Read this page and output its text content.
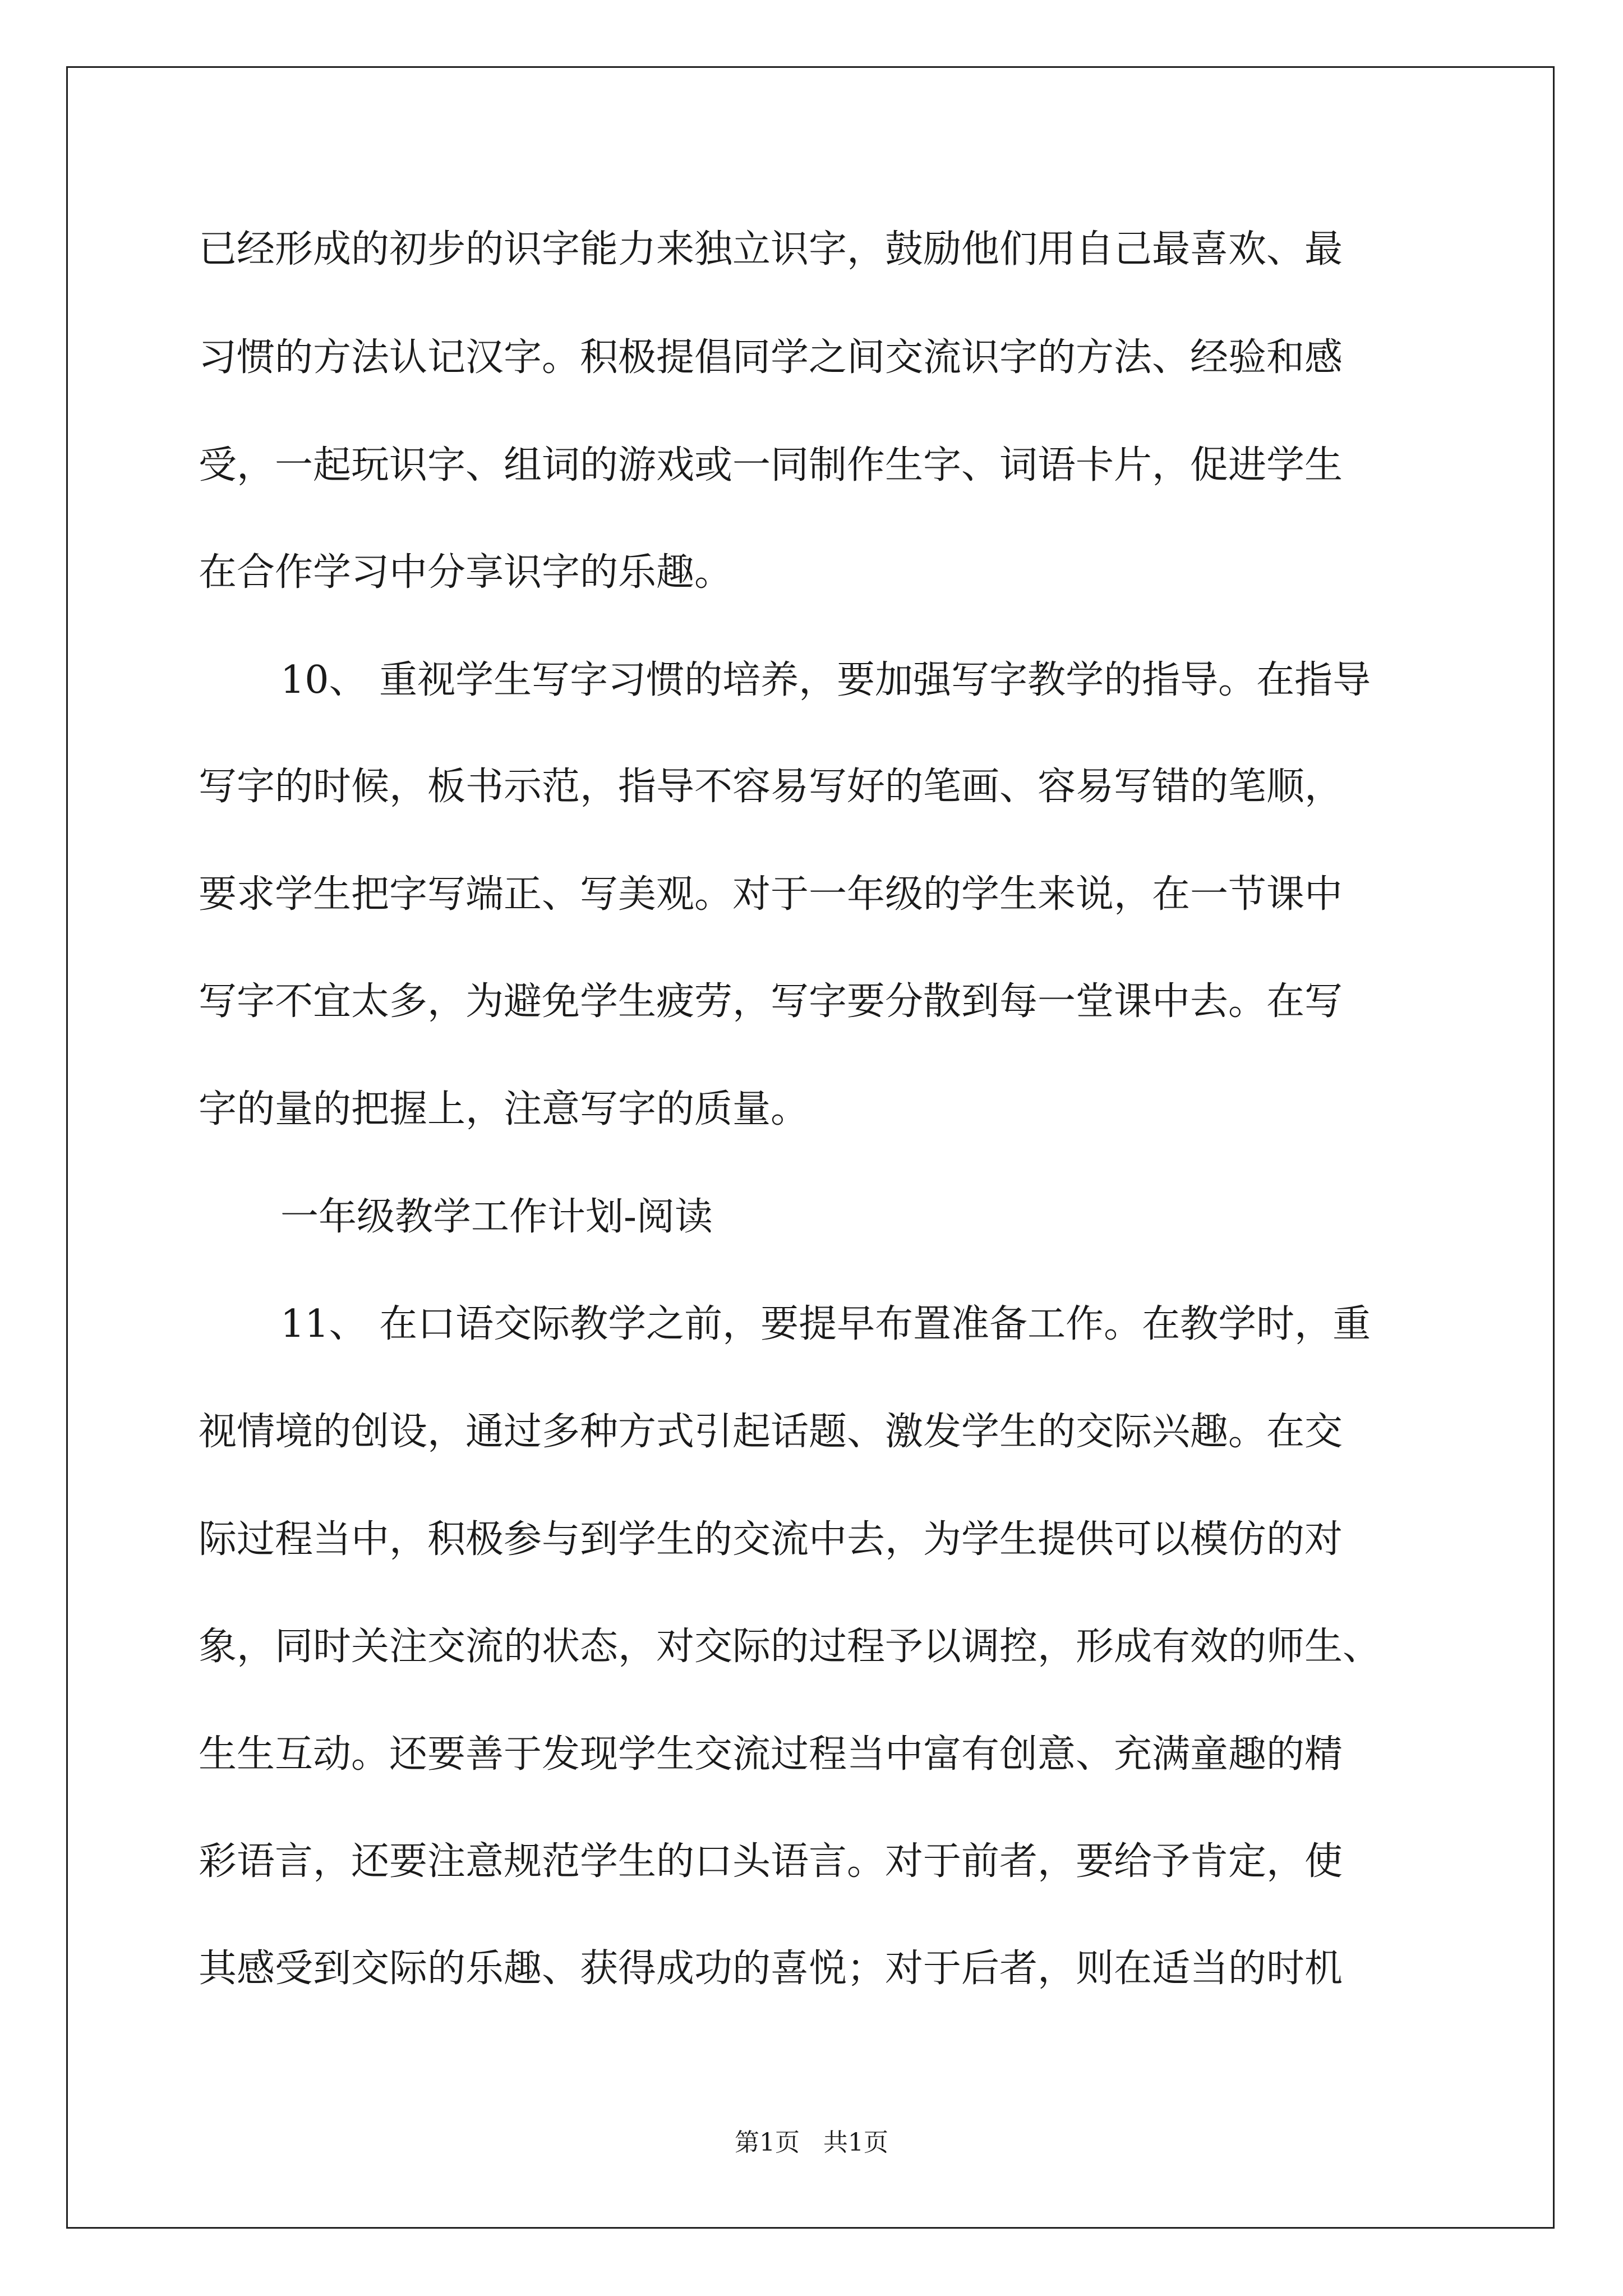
已经形成的初步的识字能力来独立识字，鼓励他们用自己最喜欢、最
习惯的方法认记汉字。积极提倡同学之间交流识字的方法、经验和感
受，一起玩识字、组词的游戏或一同制作生字、词语卡片，促进学生
在合作学习中分享识字的乐趣。
10、 重视学生写字习惯的培养，要加强写字教学的指导。在指导
写字的时候，板书示范，指导不容易写好的笔画、容易写错的笔顺，
要求学生把字写端正、写美观。对于一年级的学生来说，在一节课中
写字不宜太多，为避免学生疲劳，写字要分散到每一堂课中去。在写
字的量的把握上，注意写字的质量。
一年级教学工作计划-阅读
11、 在口语交际教学之前，要提早布置准备工作。在教学时，重
视情境的创设，通过多种方式引起话题、激发学生的交际兴趣。在交
际过程当中，积极参与到学生的交流中去，为学生提供可以模仿的对
象，同时关注交流的状态，对交际的过程予以调控，形成有效的师生、
生生互动。还要善于发现学生交流过程当中富有创意、充满童趣的精
彩语言，还要注意规范学生的口头语言。对于前者，要给予肯定，使
其感受到交际的乐趣、获得成功的喜悦；对于后者，则在适当的时机
第1页   共1页
